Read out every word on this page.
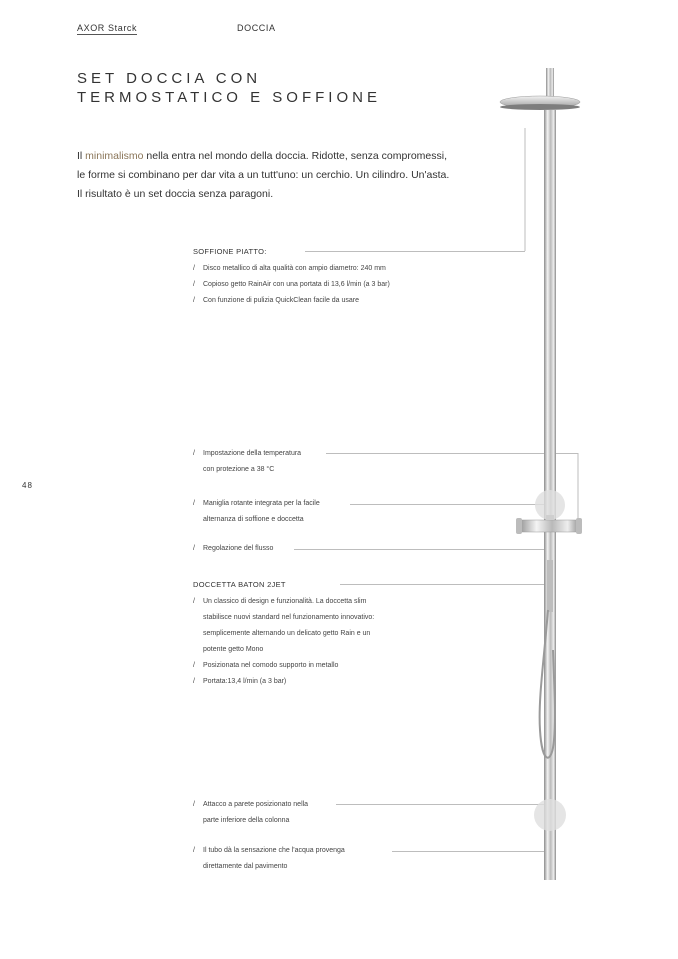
AXOR Starck	DOCCIA
SET DOCCIA CON
TERMOSTATICO E SOFFIONE
Il minimalismo nella entra nel mondo della doccia. Ridotte, senza compromessi,
le forme si combinano per dar vita a un tutt'uno: un cerchio. Un cilindro. Un'asta.
Il risultato è un set doccia senza paragoni.
SOFFIONE PIATTO:
/ Disco metallico di alta qualità con ampio diametro: 240 mm
/ Copioso getto RainAir con una portata di 13,6 l/min (a 3 bar)
/ Con funzione di pulizia QuickClean facile da usare
48
/ Impostazione della temperatura
con protezione a 38 °C
/ Maniglia rotante integrata per la facile
alternanza di soffione e doccetta
/ Regolazione del flusso
DOCCETTA BATON 2JET
/ Un classico di design e funzionalità. La doccetta slim
stabilisce nuovi standard nel funzionamento innovativo:
semplicemente alternando un delicato getto Rain e un
potente getto Mono
/ Posizionata nel comodo supporto in metallo
/ Portata:13,4 l/min (a 3 bar)
/ Attacco a parete posizionato nella
parte inferiore della colonna
/ Il tubo dà la sensazione che l'acqua provenga
direttamente dal pavimento
